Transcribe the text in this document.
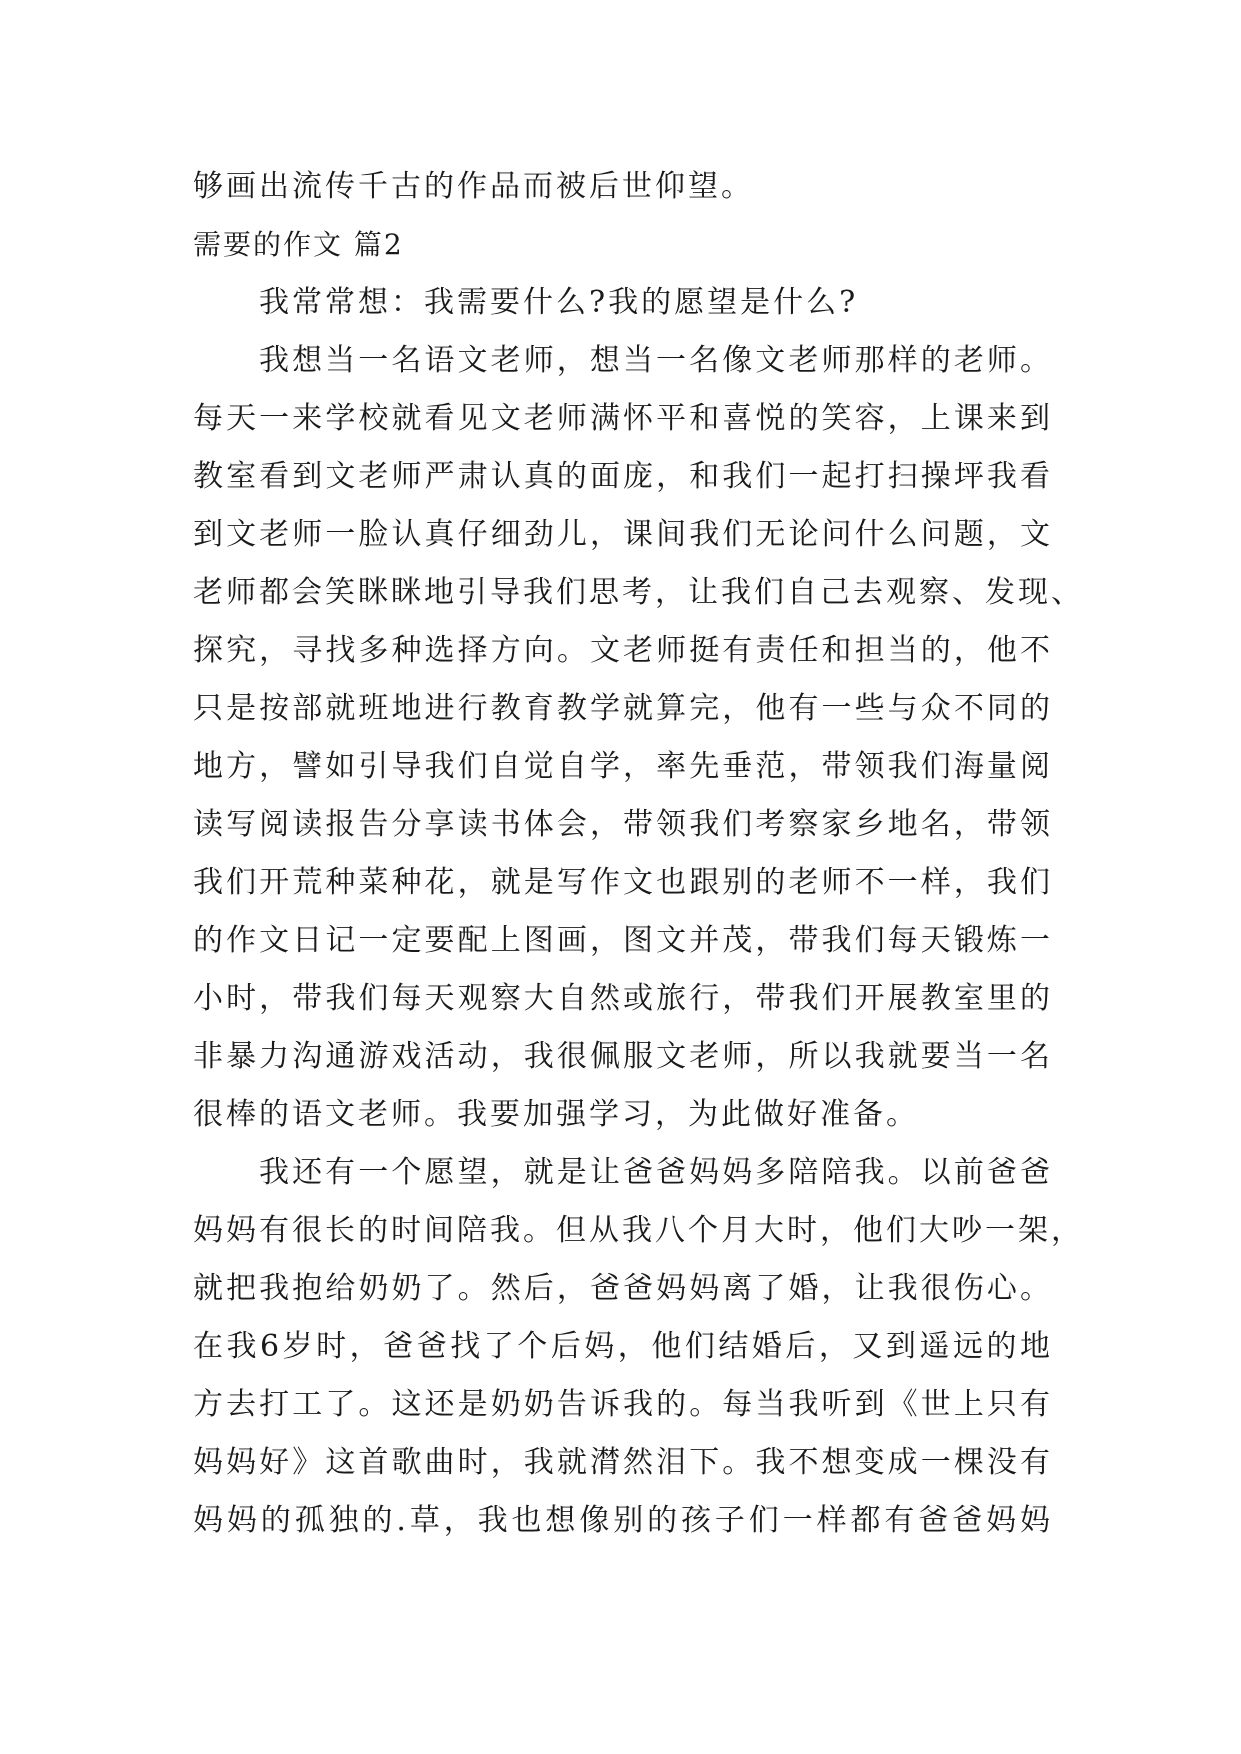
够画出流传千古的作品而被后世仰望。
需要的作文 篇2
我常常想：我需要什么?我的愿望是什么?
我想当一名语文老师，想当一名像文老师那样的老师。
每天一来学校就看见文老师满怀平和喜悦的笑容，上课来到
教室看到文老师严肃认真的面庞，和我们一起打扫操坪我看
到文老师一脸认真仔细劲儿，课间我们无论问什么问题，文
老师都会笑眯眯地引导我们思考，让我们自己去观察、发现、
探究，寻找多种选择方向。文老师挺有责任和担当的，他不
只是按部就班地进行教育教学就算完，他有一些与众不同的
地方，譬如引导我们自觉自学，率先垂范，带领我们海量阅
读写阅读报告分享读书体会，带领我们考察家乡地名，带领
我们开荒种菜种花，就是写作文也跟别的老师不一样，我们
的作文日记一定要配上图画，图文并茂，带我们每天锻炼一
小时，带我们每天观察大自然或旅行，带我们开展教室里的
非暴力沟通游戏活动，我很佩服文老师，所以我就要当一名
很棒的语文老师。我要加强学习，为此做好准备。
我还有一个愿望，就是让爸爸妈妈多陪陪我。以前爸爸
妈妈有很长的时间陪我。但从我八个月大时，他们大吵一架，
就把我抱给奶奶了。然后，爸爸妈妈离了婚，让我很伤心。
在我6岁时，爸爸找了个后妈，他们结婚后，又到遥远的地
方去打工了。这还是奶奶告诉我的。每当我听到《世上只有
妈妈好》这首歌曲时，我就潸然泪下。我不想变成一棵没有
妈妈的孤独的.草，我也想像别的孩子们一样都有爸爸妈妈
